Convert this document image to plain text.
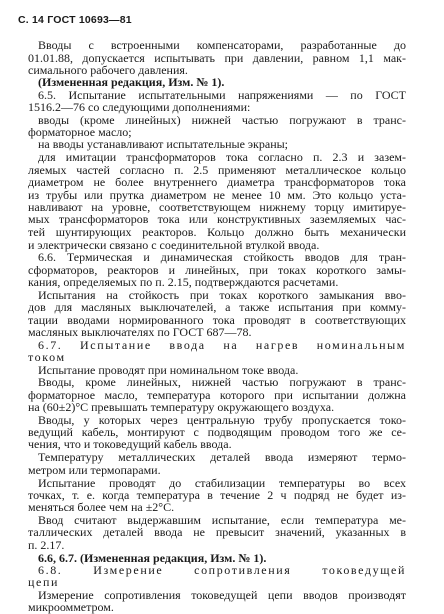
С. 14 ГОСТ 10693—81
Вводы с встроенными компенсаторами, разработанные до
01.01.88, допускается испытывать при давлении, равном 1,1 мак-
симального рабочего давления.
(Измененная редакция, Изм. № 1).
6.5. Испытание испытательными напряжениями — по ГОСТ
1516.2—76 со следующими дополнениями:
вводы (кроме линейных) нижней частью погружают в транс-
форматорное масло;
на вводы устанавливают испытательные экраны;
для имитации трансформаторов тока согласно п. 2.3 и зазем-
ляемых частей согласно п. 2.5 применяют металлическое кольцо
диаметром не более внутреннего диаметра трансформаторов тока
из трубы или прутка диаметром не менее 10 мм. Это кольцо уста-
навливают на уровне, соответствующем нижнему торцу имитируе-
мых трансформаторов тока или конструктивных заземляемых час-
тей шунтирующих реакторов. Кольцо должно быть механически
и электрически связано с соединительной втулкой ввода.
6.6. Термическая и динамическая стойкость вводов для тран-
сформаторов, реакторов и линейных, при токах короткого замы-
кания, определяемых по п. 2.15, подтверждаются расчетами.
Испытания на стойкость при токах короткого замыкания вво-
дов для масляных выключателей, а также испытания при комму-
тации вводами нормированного тока проводят в соответствующих
масляных выключателях по ГОСТ 687—78.
6.7. Испытание ввода на нагрев номинальным
током
Испытание проводят при номинальном токе ввода.
Вводы, кроме линейных, нижней частью погружают в транс-
форматорное масло, температура которого при испытании должна
на (60±2)°С превышать температуру окружающего воздуха.
Вводы, у которых через центральную трубу пропускается токо-
ведущий кабель, монтируют с подводящим проводом того же се-
чения, что и токоведущий кабель ввода.
Температуру металлических деталей ввода измеряют термо-
метром или термопарами.
Испытание проводят до стабилизации температуры во всех
точках, т. е. когда температура в течение 2 ч подряд не будет из-
меняться более чем на ±2°С.
Ввод считают выдержавшим испытание, если температура ме-
таллических деталей ввода не превысит значений, указанных в
п. 2.17.
6.6, 6.7. (Измененная редакция, Изм. № 1).
6.8. Измерение сопротивления токоведущей
цепи
Измерение сопротивления токоведущей цепи вводов производят
микроомметром.
